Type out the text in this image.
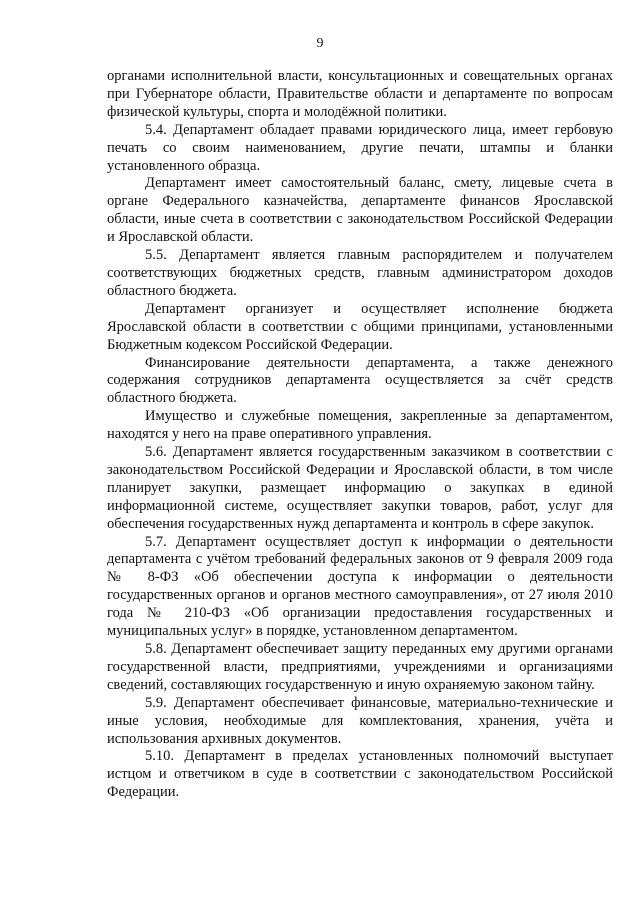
9

органами исполнительной власти, консультационных и совещательных органах при Губернаторе области, Правительстве области и департаменте по вопросам физической культуры, спорта и молодёжной политики.

5.4. Департамент обладает правами юридического лица, имеет гербовую печать со своим наименованием, другие печати, штампы и бланки установленного образца.

Департамент имеет самостоятельный баланс, смету, лицевые счета в органе Федерального казначейства, департаменте финансов Ярославской области, иные счета в соответствии с законодательством Российской Федерации и Ярославской области.

5.5. Департамент является главным распорядителем и получателем соответствующих бюджетных средств, главным администратором доходов областного бюджета.

Департамент организует и осуществляет исполнение бюджета Ярославской области в соответствии с общими принципами, установленными Бюджетным кодексом Российской Федерации.

Финансирование деятельности департамента, а также денежного содержания сотрудников департамента осуществляется за счёт средств областного бюджета.

Имущество и служебные помещения, закрепленные за департаментом, находятся у него на праве оперативного управления.

5.6. Департамент является государственным заказчиком в соответствии с законодательством Российской Федерации и Ярославской области, в том числе планирует закупки, размещает информацию о закупках в единой информационной системе, осуществляет закупки товаров, работ, услуг для обеспечения государственных нужд департамента и контроль в сфере закупок.

5.7. Департамент осуществляет доступ к информации о деятельности департамента с учётом требований федеральных законов от 9 февраля 2009 года № 8-ФЗ «Об обеспечении доступа к информации о деятельности государственных органов и органов местного самоуправления», от 27 июля 2010 года № 210-ФЗ «Об организации предоставления государственных и муниципальных услуг» в порядке, установленном департаментом.

5.8. Департамент обеспечивает защиту переданных ему другими органами государственной власти, предприятиями, учреждениями и организациями сведений, составляющих государственную и иную охраняемую законом тайну.

5.9. Департамент обеспечивает финансовые, материально-технические и иные условия, необходимые для комплектования, хранения, учёта и использования архивных документов.

5.10. Департамент в пределах установленных полномочий выступает истцом и ответчиком в суде в соответствии с законодательством Российской Федерации.
